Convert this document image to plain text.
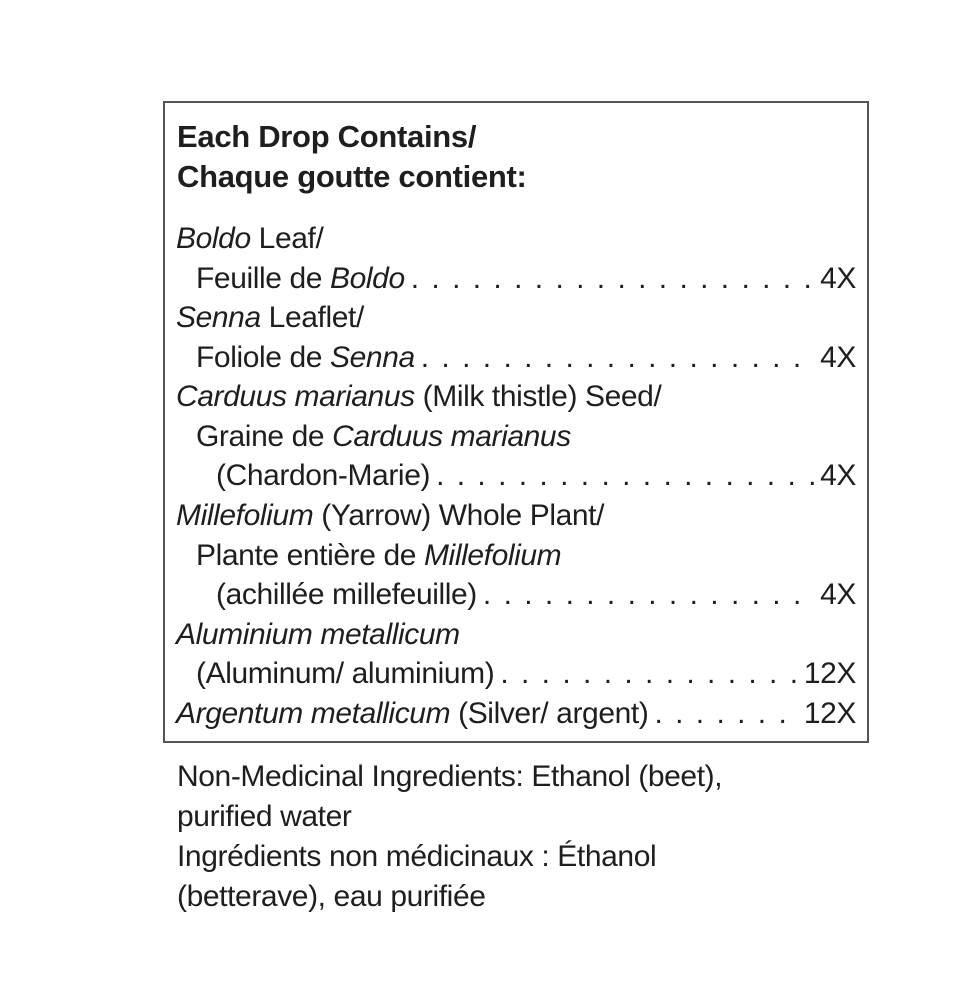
Each Drop Contains/
Chaque goutte contient:
Boldo Leaf/
Feuille de Boldo . . .	4X
Senna Leaflet/
Foliole de Senna . . .	4X
Carduus marianus (Milk thistle) Seed/
Graine de Carduus marianus
(Chardon-Marie) . . .	4X
Millefolium (Yarrow) Whole Plant/
Plante entière de Millefolium
(achillée millefeuille) . . .	4X
Aluminium metallicum
(Aluminum/ aluminium) . . .	12X
Argentum metallicum (Silver/ argent) . . .	12X
Non-Medicinal Ingredients: Ethanol (beet),
purified water
Ingrédients non médicinaux : Éthanol
(betterave), eau purifiée
